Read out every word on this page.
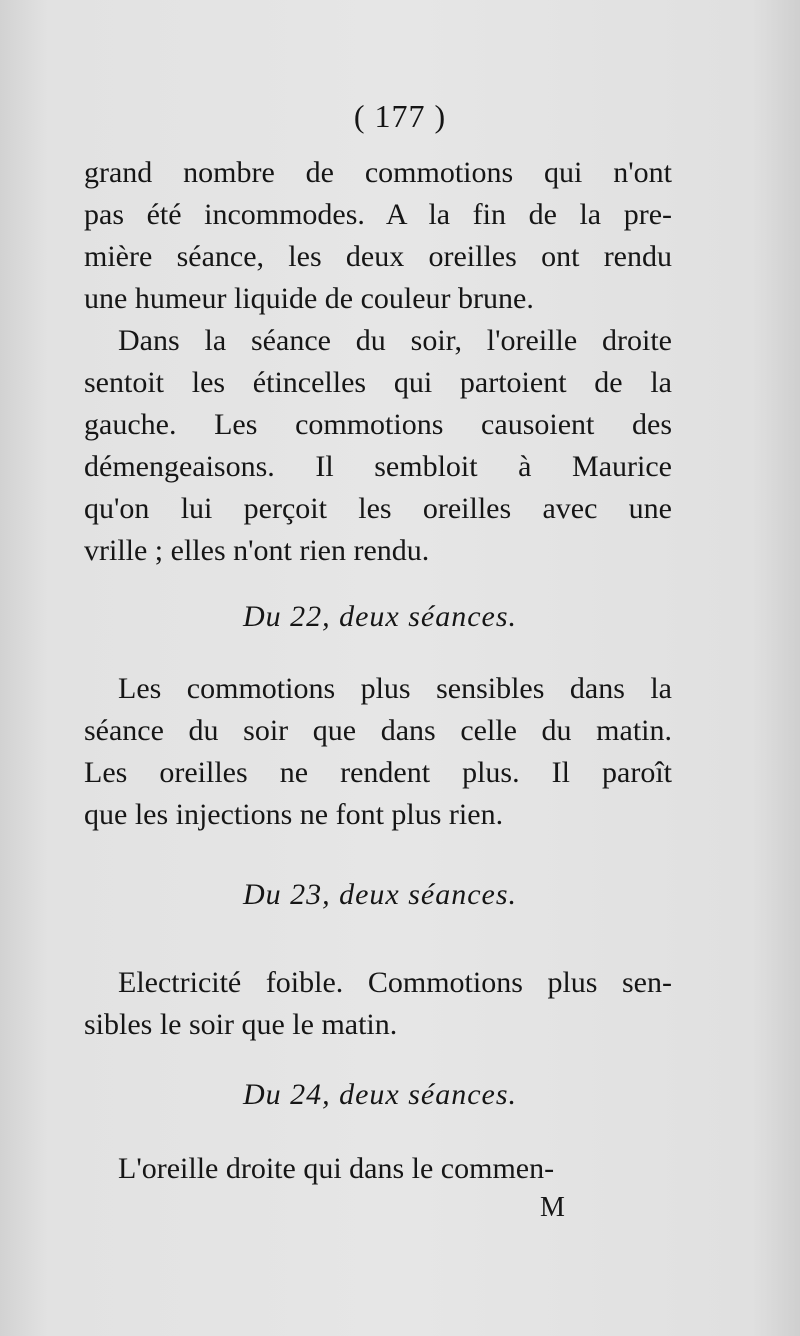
( 177 )
grand nombre de commotions qui n'ont
pas été incommodes. A la fin de la pre-
mière séance, les deux oreilles ont rendu
une humeur liquide de couleur brune.
Dans la séance du soir, l'oreille droite
sentoit les étincelles qui partoient de la
gauche. Les commotions causoient des
démengeaisons. Il sembloit à Maurice
qu'on lui perçoit les oreilles avec une
vrille ; elles n'ont rien rendu.
Du 22, deux séances.
Les commotions plus sensibles dans la
séance du soir que dans celle du matin.
Les oreilles ne rendent plus. Il paroît
que les injections ne font plus rien.
Du 23, deux séances.
Electricité foible. Commotions plus sen-
sibles le soir que le matin.
Du 24, deux séances.
L'oreille droite qui dans le commen-
M
